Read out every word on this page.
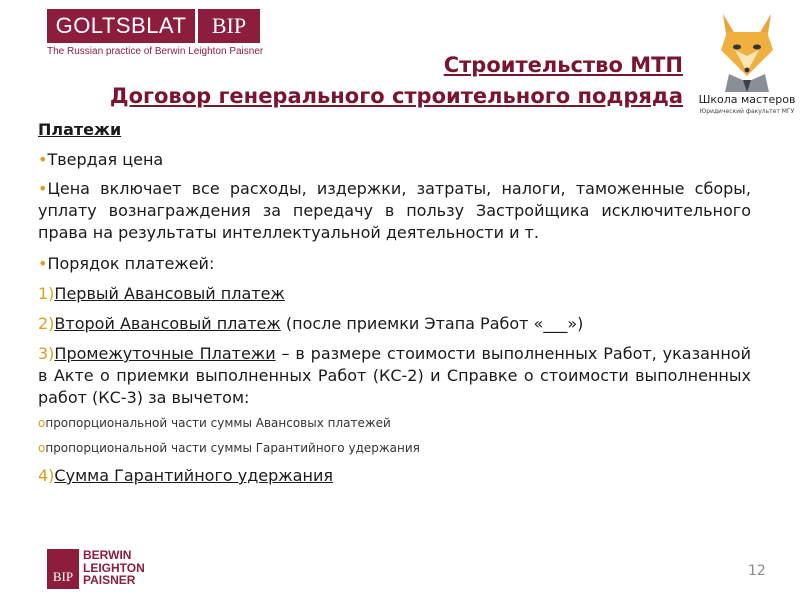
GOLTSBLAT	BIP
The Russian practice of Berwin Leighton Paisner
Школа мастеров
Юридический факультет МГУ
Строительство МТП
Договор генерального строительного подряда

Платежи

•Твердая цена

•Цена включает все расходы, издержки, затраты, налоги, таможенные сборы, уплату вознаграждения за передачу в пользу Застройщика исключительного права на результаты интеллектуальной деятельности и т.

•Порядок платежей:

1)Первый Авансовый платеж

2)Второй Авансовый платеж (после приемки Этапа Работ «___»)

3)Промежуточные Платежи – в размере стоимости выполненных Работ, указанной в Акте о приемки выполненных Работ (КС-2) и Справке о стоимости выполненных работ (КС-3) за вычетом:

oпропорциональной части суммы Авансовых платежей

oпропорциональной части суммы Гарантийного удержания

4)Сумма Гарантийного удержания

BIP
BERWIN
LEIGHTON
PAISNER
12
